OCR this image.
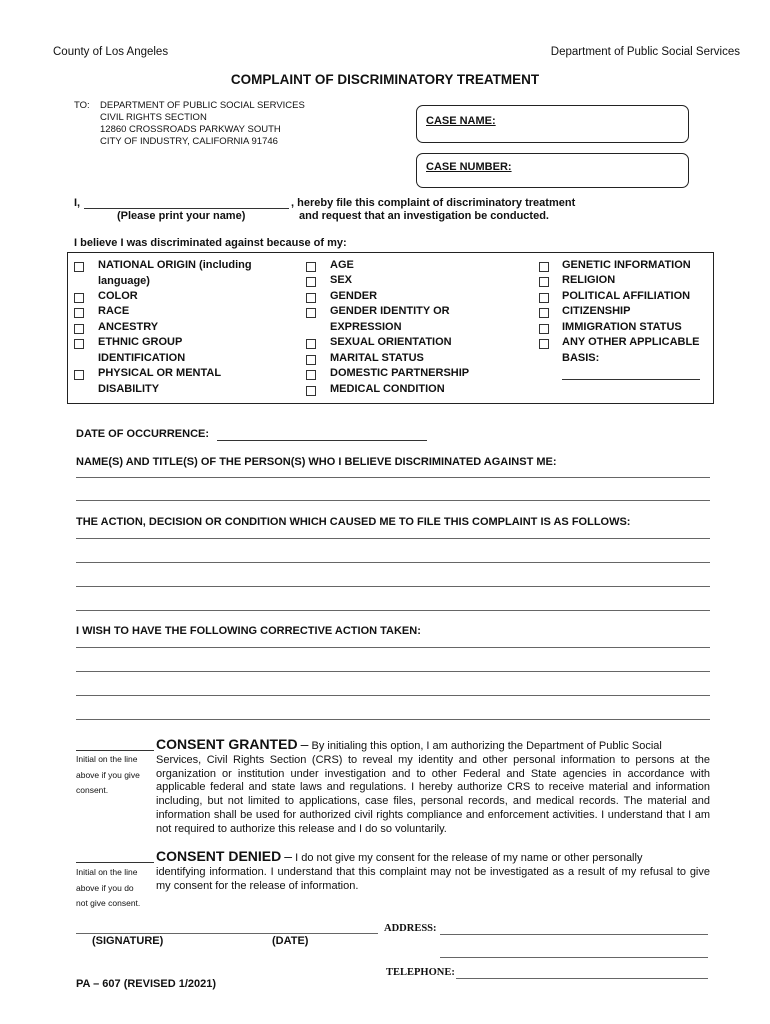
County of Los Angeles	Department of Public Social Services
COMPLAINT OF DISCRIMINATORY TREATMENT
TO: DEPARTMENT OF PUBLIC SOCIAL SERVICES
CIVIL RIGHTS SECTION
12860 CROSSROADS PARKWAY SOUTH
CITY OF INDUSTRY, CALIFORNIA 91746
CASE NAME:
CASE NUMBER:
I,	, hereby file this complaint of discriminatory treatment
(Please print your name)	and request that an investigation be conducted.
I believe I was discriminated against because of my:
NATIONAL ORIGIN (including
language)
COLOR
RACE
ANCESTRY
ETHNIC GROUP
IDENTIFICATION
PHYSICAL OR MENTAL
DISABILITY
AGE
SEX
GENDER
GENDER IDENTITY OR
EXPRESSION
SEXUAL ORIENTATION
MARITAL STATUS
DOMESTIC PARTNERSHIP
MEDICAL CONDITION
GENETIC INFORMATION
RELIGION
POLITICAL AFFILIATION
CITIZENSHIP
IMMIGRATION STATUS
ANY OTHER APPLICABLE
BASIS:
DATE OF OCCURRENCE:
NAME(S) AND TITLE(S) OF THE PERSON(S) WHO I BELIEVE DISCRIMINATED AGAINST ME:
THE ACTION, DECISION OR CONDITION WHICH CAUSED ME TO FILE THIS COMPLAINT IS AS FOLLOWS:
I WISH TO HAVE THE FOLLOWING CORRECTIVE ACTION TAKEN:
Initial on the line
above if you give
consent.
CONSENT GRANTED – By initialing this option, I am authorizing the Department of Public Social
Services, Civil Rights Section (CRS) to reveal my identity and other personal information to persons at the organization or institution under investigation and to other Federal and State agencies in accordance with applicable federal and state laws and regulations. I hereby authorize CRS to receive material and information including, but not limited to applications, case files, personal records, and medical records. The material and information shall be used for authorized civil rights compliance and enforcement activities. I understand that I am not required to authorize this release and I do so voluntarily.
Initial on the line
above if you do
not give consent.
CONSENT DENIED – I do not give my consent for the release of my name or other personally
identifying information. I understand that this complaint may not be investigated as a result of my refusal to give my consent for the release of information.
(SIGNATURE)	(DATE)
ADDRESS:
TELEPHONE:
PA – 607 (REVISED 1/2021)
